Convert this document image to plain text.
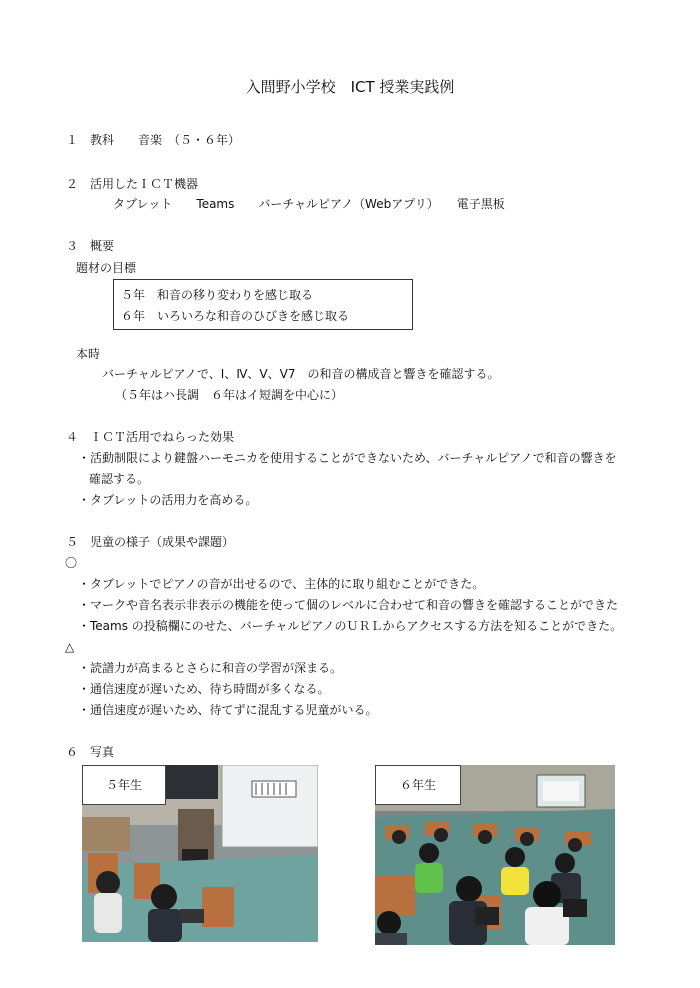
入間野小学校　ICT 授業実践例
１　教科　　音楽　（５・６年）
２　活用したＩＣＴ機器
タブレット　　Teams　　バーチャルピアノ（Webアプリ）　　電子黒板
３　概要
題材の目標
５年　和音の移り変わりを感じ取る
６年　いろいろな和音のひびきを感じ取る
本時
バーチャルピアノで、Ⅰ、Ⅳ、Ⅴ、Ⅴ7　の和音の構成音と響きを確認する。
（５年はハ長調　６年はイ短調を中心に）
４　ＩＣＴ活用でねらった効果
・活動制限により鍵盤ハーモニカを使用することができないため、バーチャルピアノで和音の響きを
確認する。
・タブレットの活用力を高める。
５　児童の様子（成果や課題）
〇
・タブレットでピアノの音が出せるので、主体的に取り組むことができた。
・マークや音名表示非表示の機能を使って個のレベルに合わせて和音の響きを確認することができた
・Teams の投稿欄にのせた、バーチャルピアノのＵＲＬからアクセスする方法を知ることができた。
△
・読譜力が高まるとさらに和音の学習が深まる。
・通信速度が遅いため、待ち時間が多くなる。
・通信速度が遅いため、待てずに混乱する児童がいる。
６　写真
５年生	６年生
